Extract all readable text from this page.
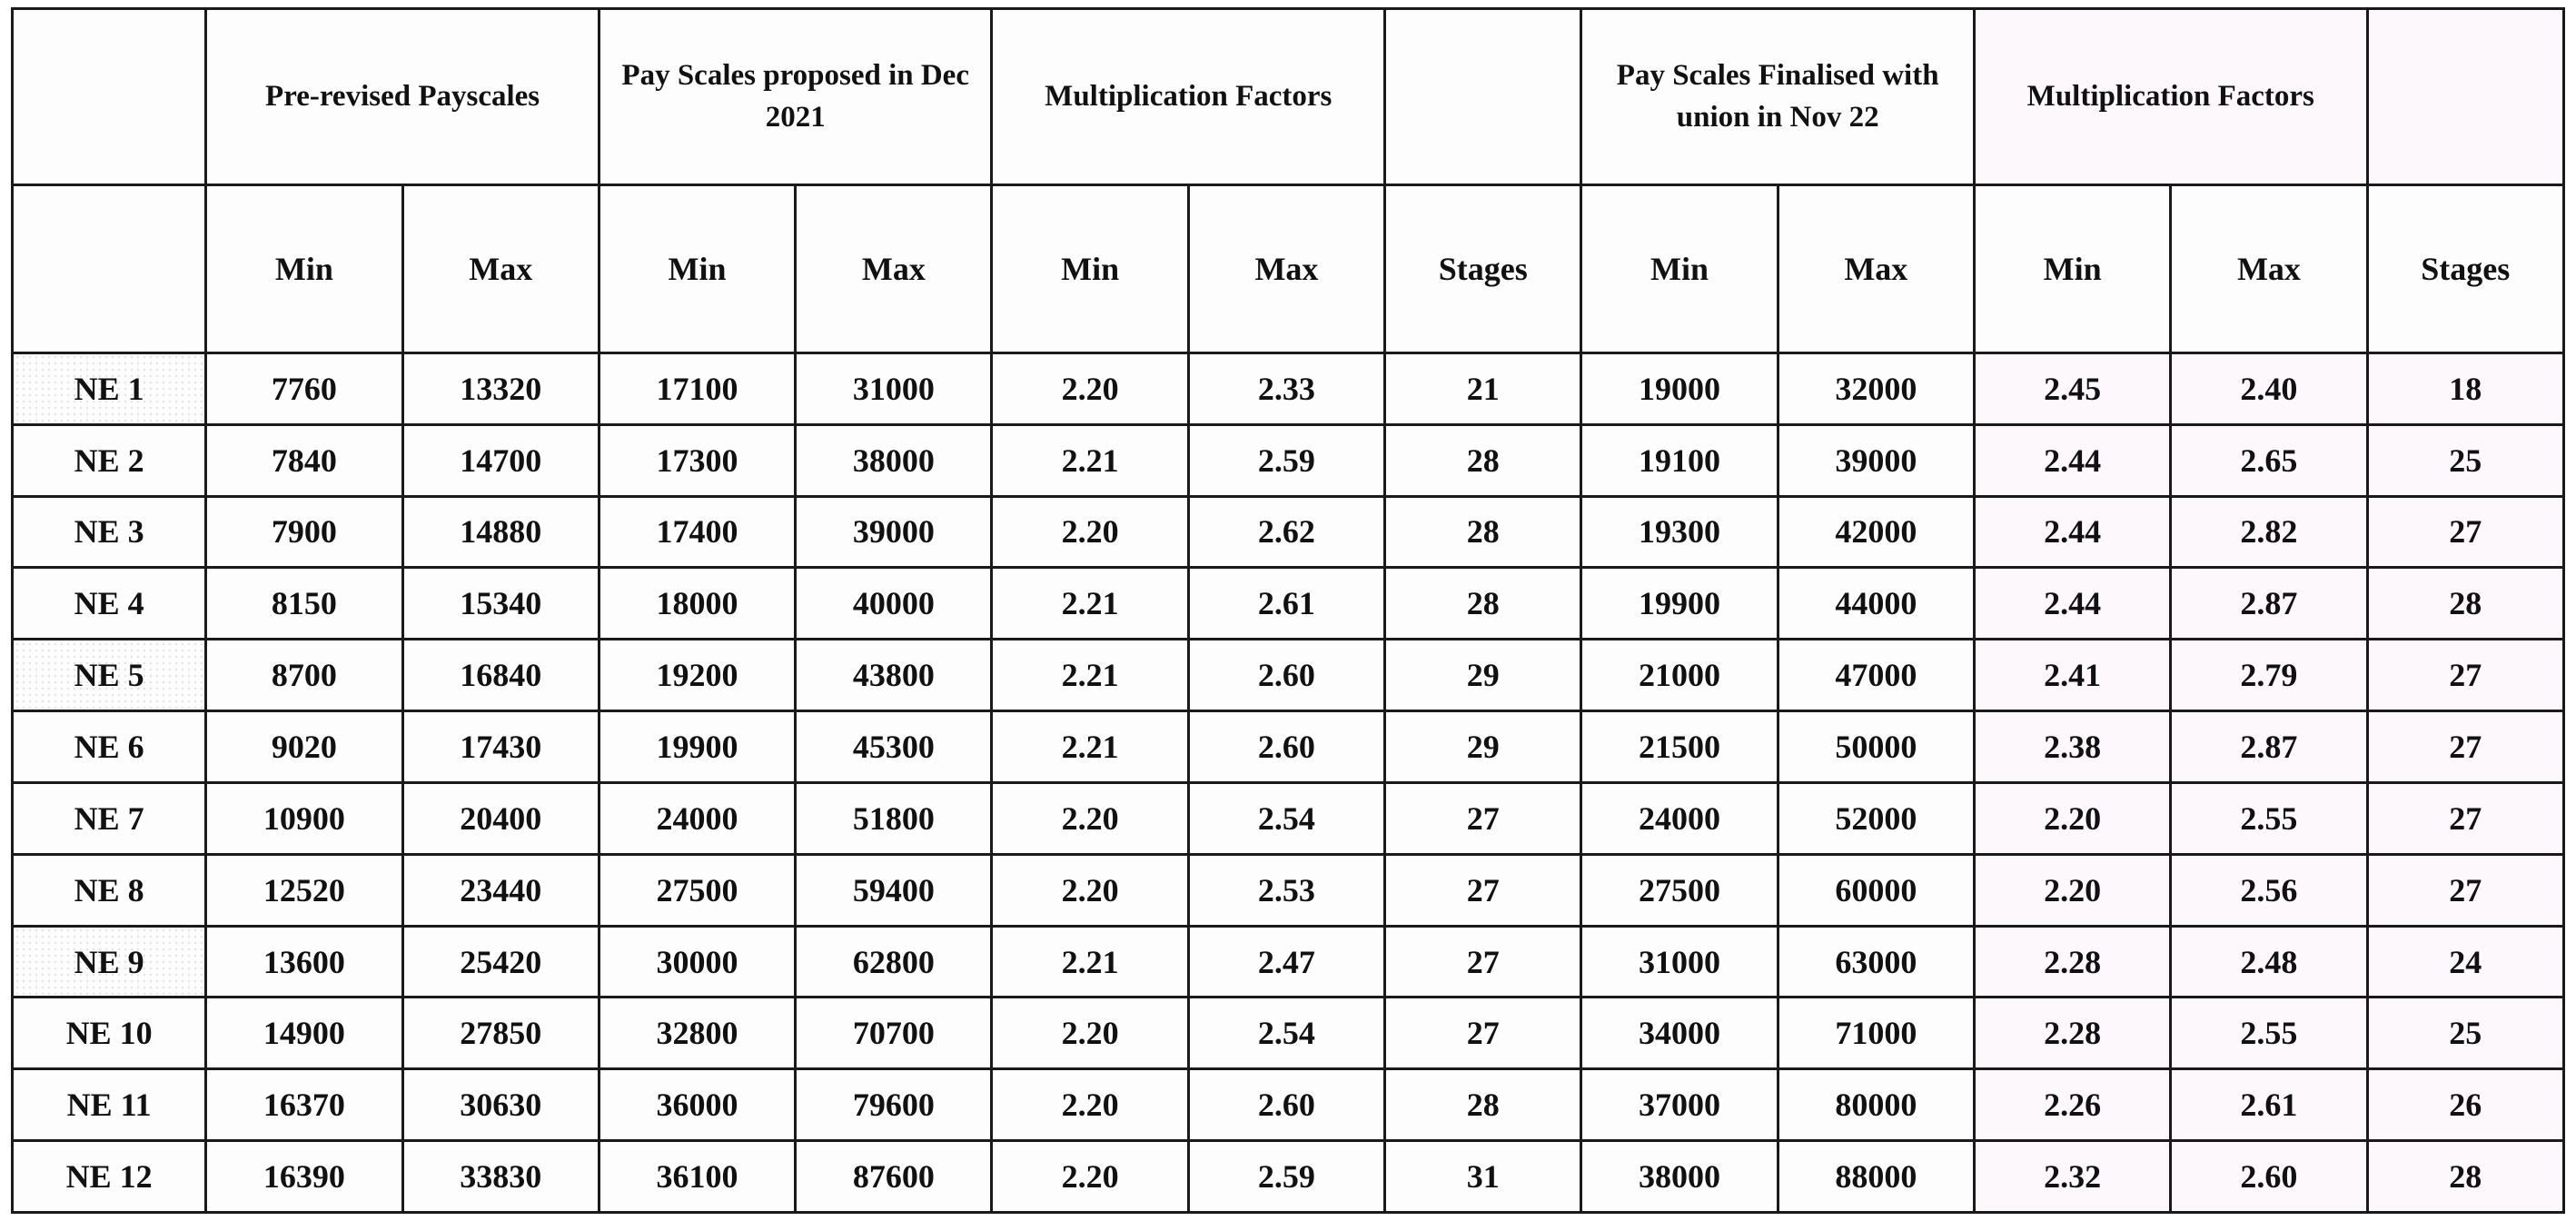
	Pre-revised Payscales		Pay Scales proposed in Dec 2021		Multiplication Factors			Pay Scales Finalised with union in Nov 22		Multiplication Factors		
	Min	Max	Min	Max	Min	Max	Stages	Min	Max	Min	Max	Stages
NE 1	7760	13320	17100	31000	2.20	2.33	21	19000	32000	2.45	2.40	18
NE 2	7840	14700	17300	38000	2.21	2.59	28	19100	39000	2.44	2.65	25
NE 3	7900	14880	17400	39000	2.20	2.62	28	19300	42000	2.44	2.82	27
NE 4	8150	15340	18000	40000	2.21	2.61	28	19900	44000	2.44	2.87	28
NE 5	8700	16840	19200	43800	2.21	2.60	29	21000	47000	2.41	2.79	27
NE 6	9020	17430	19900	45300	2.21	2.60	29	21500	50000	2.38	2.87	27
NE 7	10900	20400	24000	51800	2.20	2.54	27	24000	52000	2.20	2.55	27
NE 8	12520	23440	27500	59400	2.20	2.53	27	27500	60000	2.20	2.56	27
NE 9	13600	25420	30000	62800	2.21	2.47	27	31000	63000	2.28	2.48	24
NE 10	14900	27850	32800	70700	2.20	2.54	27	34000	71000	2.28	2.55	25
NE 11	16370	30630	36000	79600	2.20	2.60	28	37000	80000	2.26	2.61	26
NE 12	16390	33830	36100	87600	2.20	2.59	31	38000	88000	2.32	2.60	28
